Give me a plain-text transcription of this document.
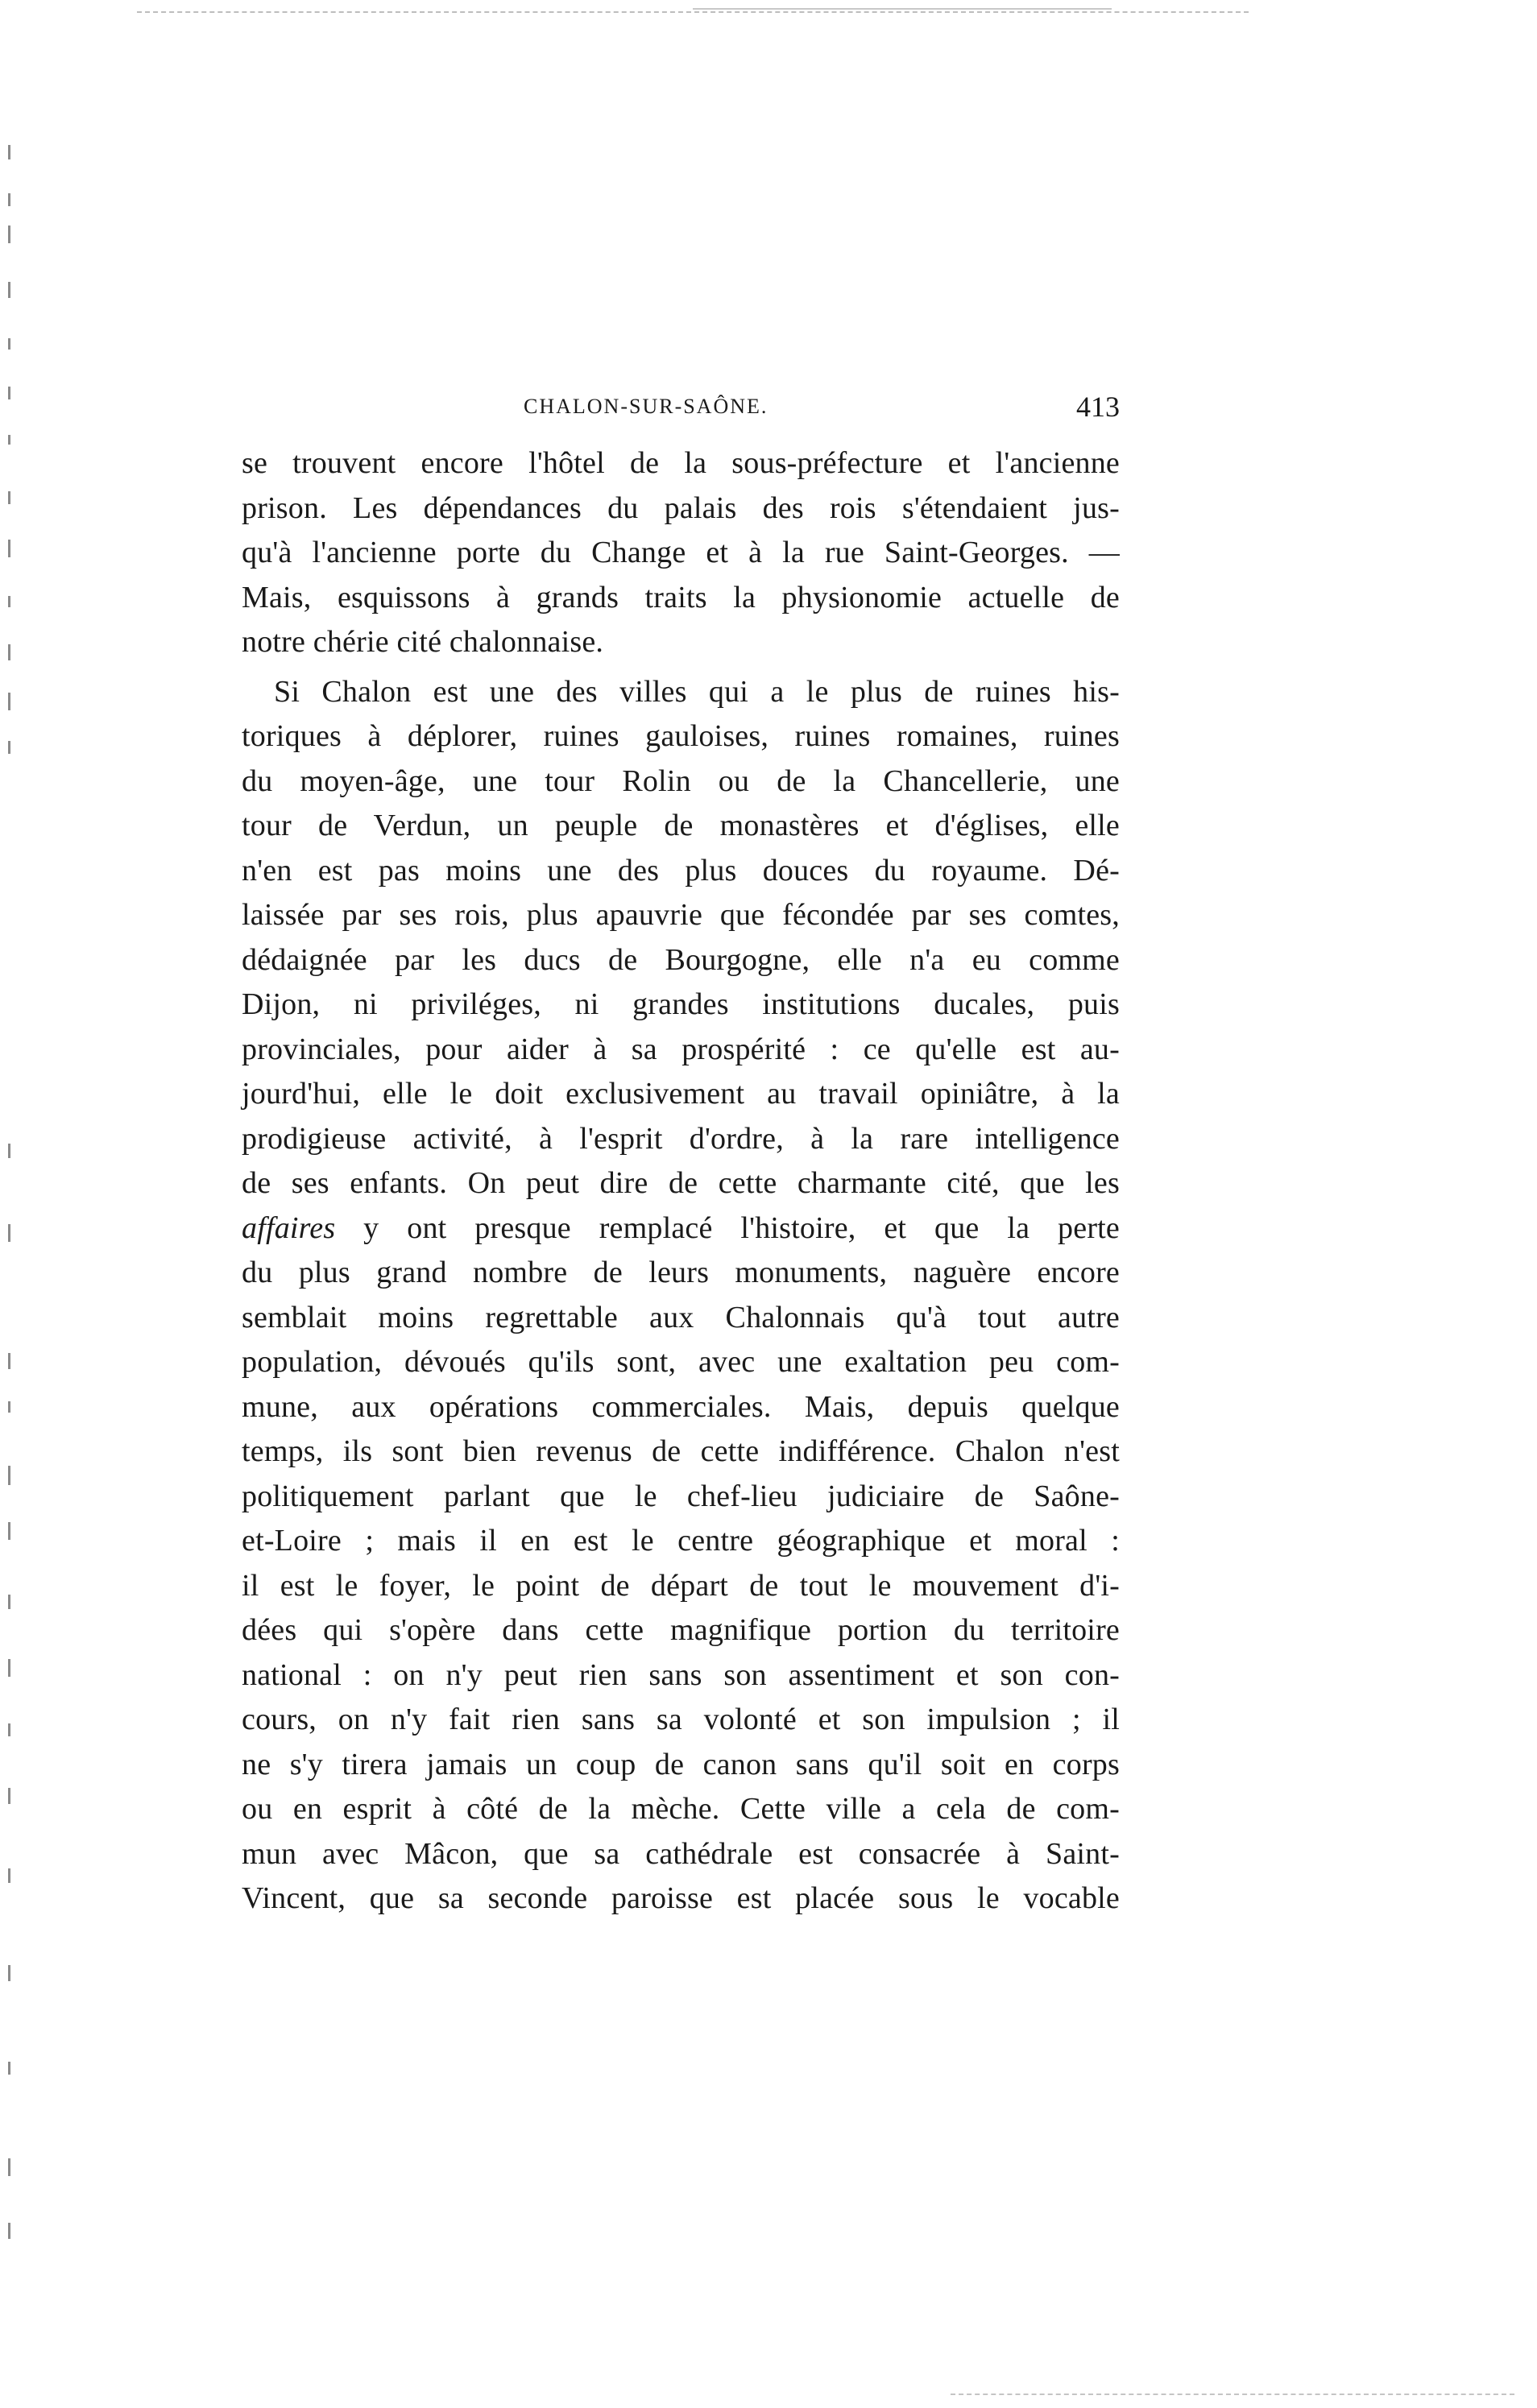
CHALON-SUR-SAÔNE.	413
se trouvent encore l'hôtel de la sous-préfecture et l'ancienne
prison. Les dépendances du palais des rois s'étendaient jus-
qu'à l'ancienne porte du Change et à la rue Saint-Georges. —
Mais, esquissons à grands traits la physionomie actuelle de
notre chérie cité chalonnaise.
Si Chalon est une des villes qui a le plus de ruines his-
toriques à déplorer, ruines gauloises, ruines romaines, ruines
du moyen-âge, une tour Rolin ou de la Chancellerie, une
tour de Verdun, un peuple de monastères et d'églises, elle
n'en est pas moins une des plus douces du royaume. Dé-
laissée par ses rois, plus apauvrie que fécondée par ses comtes,
dédaignée par les ducs de Bourgogne, elle n'a eu comme
Dijon, ni priviléges, ni grandes institutions ducales, puis
provinciales, pour aider à sa prospérité : ce qu'elle est au-
jourd'hui, elle le doit exclusivement au travail opiniâtre, à la
prodigieuse activité, à l'esprit d'ordre, à la rare intelligence
de ses enfants. On peut dire de cette charmante cité, que les
affaires y ont presque remplacé l'histoire, et que la perte
du plus grand nombre de leurs monuments, naguère encore
semblait moins regrettable aux Chalonnais qu'à tout autre
population, dévoués qu'ils sont, avec une exaltation peu com-
mune, aux opérations commerciales. Mais, depuis quelque
temps, ils sont bien revenus de cette indifférence. Chalon n'est
politiquement parlant que le chef-lieu judiciaire de Saône-
et-Loire ; mais il en est le centre géographique et moral :
il est le foyer, le point de départ de tout le mouvement d'i-
dées qui s'opère dans cette magnifique portion du territoire
national : on n'y peut rien sans son assentiment et son con-
cours, on n'y fait rien sans sa volonté et son impulsion ; il
ne s'y tirera jamais un coup de canon sans qu'il soit en corps
ou en esprit à côté de la mèche. Cette ville a cela de com-
mun avec Mâcon, que sa cathédrale est consacrée à Saint-
Vincent, que sa seconde paroisse est placée sous le vocable
